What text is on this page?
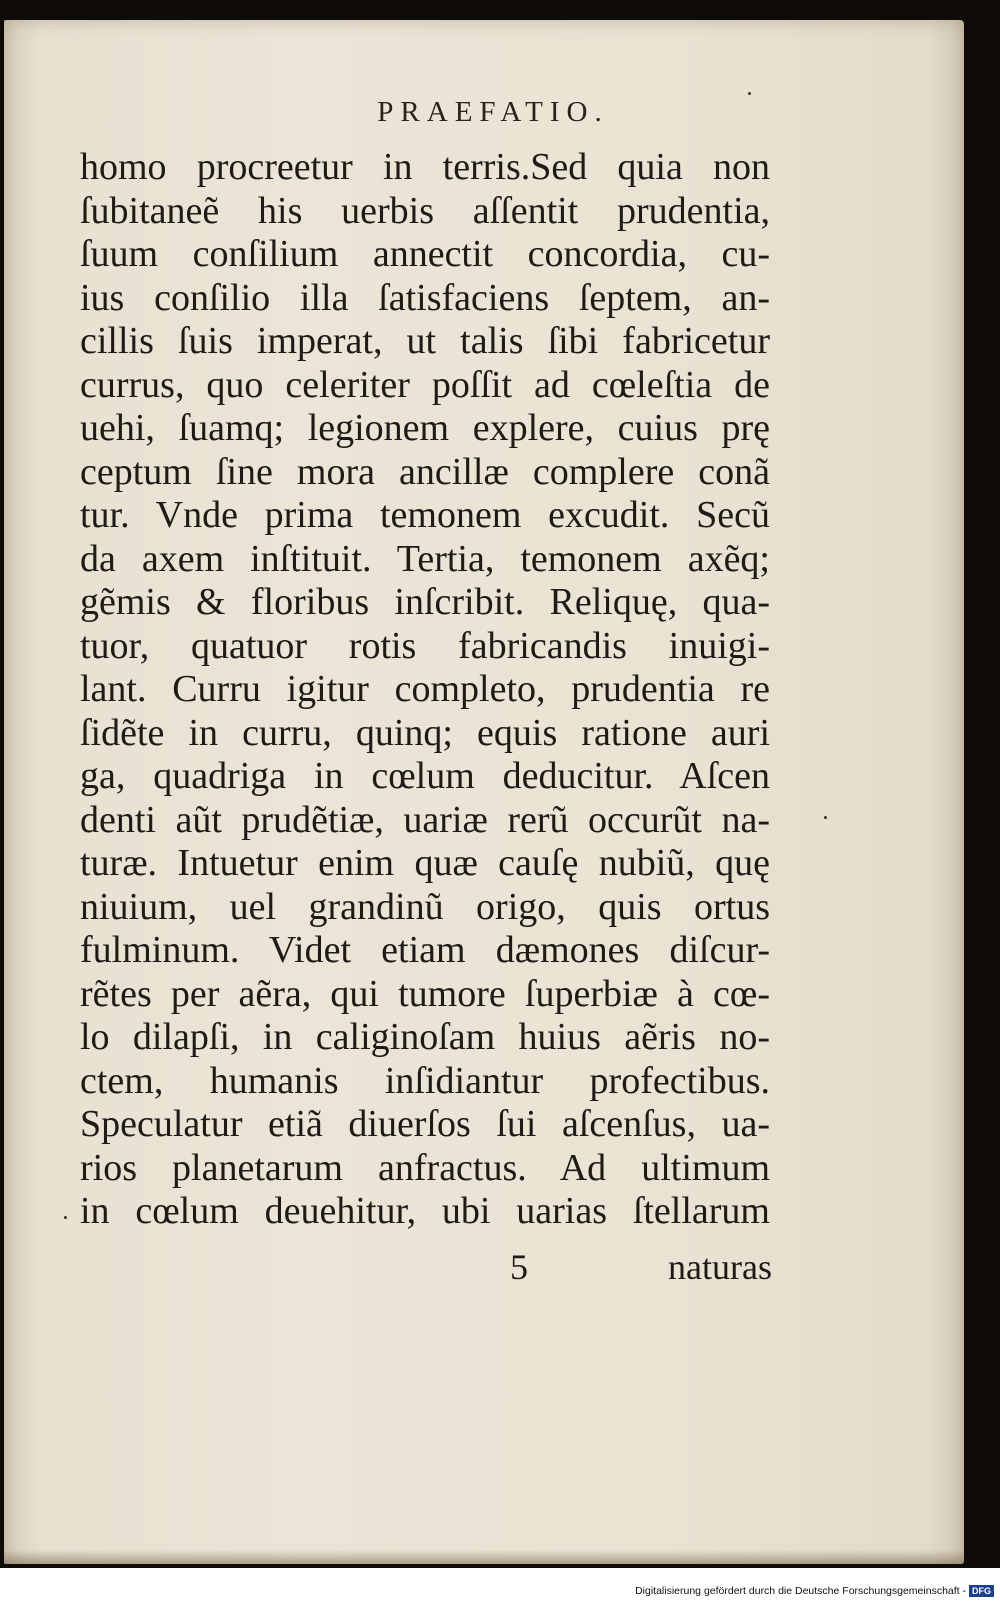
PRAEFATIO.
homo procreetur in terris.Sed quia non
ſubitaneẽ his uerbis aſſentit prudentia,
ſuum conſilium annectit concordia, cu-
ius conſilio illa ſatisfaciens ſeptem, an-
cillis ſuis imperat, ut talis ſibi fabricetur
currus, quo celeriter poſſit ad cœleſtia de
uehi, ſuamq; legionem explere, cuius prę
ceptum ſine mora ancillæ complere conã
tur. Vnde prima temonem excudit. Secũ
da axem inſtituit. Tertia, temonem axẽq;
gẽmis & floribus inſcribit. Reliquę, qua-
tuor, quatuor rotis fabricandis inuigi-
lant. Curru igitur completo, prudentia re
ſidẽte in curru, quinq; equis ratione auri
ga, quadriga in cœlum deducitur. Aſcen
denti aũt prudẽtiæ, uariæ rerũ occurũt na-
turæ. Intuetur enim quæ cauſę nubiũ, quę
niuium, uel grandinũ origo, quis ortus
fulminum. Videt etiam dæmones diſcur-
rẽtes per aẽra, qui tumore ſuperbiæ à cœ-
lo dilapſi, in caliginoſam huius aẽris no-
ctem, humanis inſidiantur profectibus.
Speculatur etiã diuerſos ſui aſcenſus, ua-
rios planetarum anfractus. Ad ultimum
in cœlum deuehitur, ubi uarias ſtellarum
5	naturas
Digitalisierung gefördert durch die Deutsche Forschungsgemeinschaft - DFG
